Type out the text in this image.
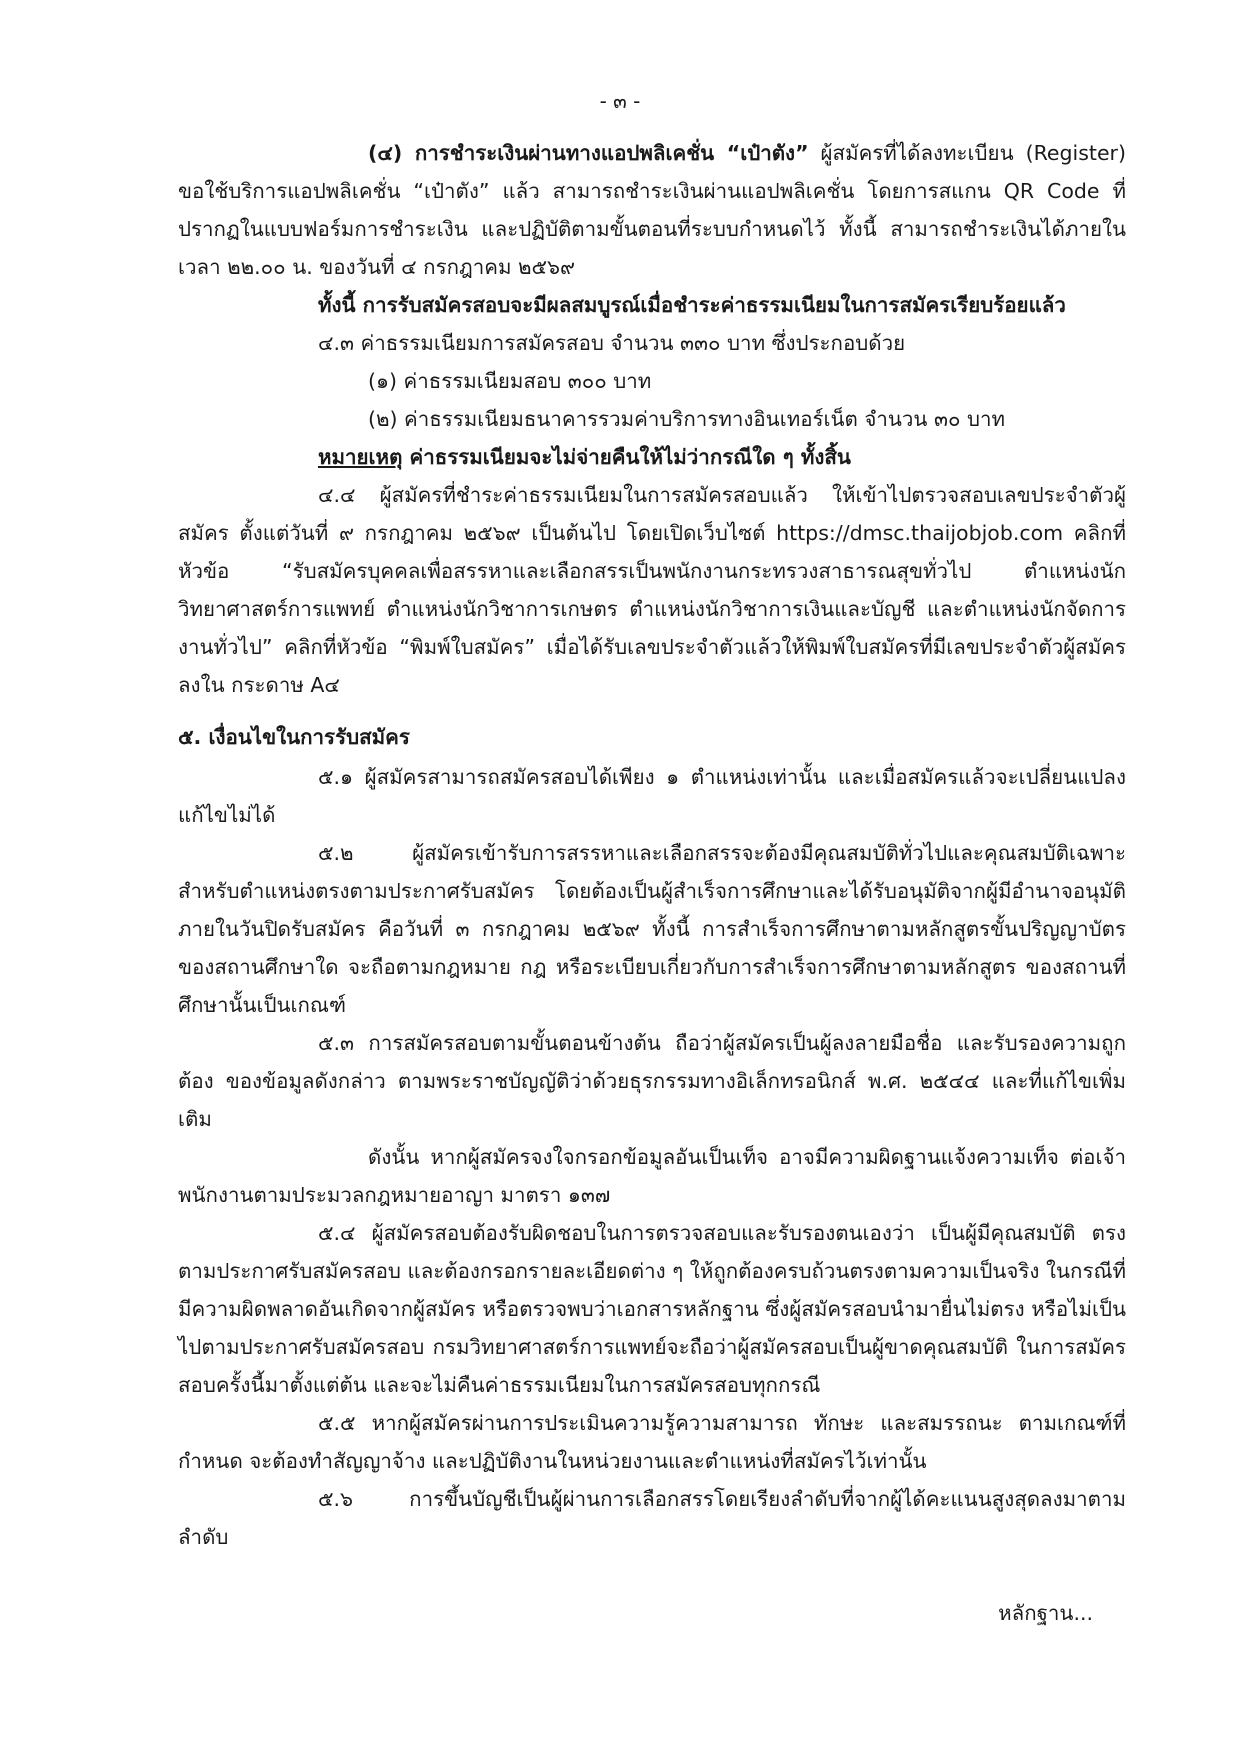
- ๓ -

(๔) การชำระเงินผ่านทางแอปพลิเคชั่น “เป๋าตัง” ผู้สมัครที่ได้ลงทะเบียน (Register) ขอใช้บริการแอปพลิเคชั่น “เป๋าตัง” แล้ว สามารถชำระเงินผ่านแอปพลิเคชั่น โดยการสแกน QR Code ที่ปรากฏในแบบฟอร์มการชำระเงิน และปฏิบัติตามขั้นตอนที่ระบบกำหนดไว้ ทั้งนี้ สามารถชำระเงินได้ภายใน เวลา ๒๒.๐๐ น. ของวันที่ ๔ กรกฎาคม ๒๕๖๙

ทั้งนี้ การรับสมัครสอบจะมีผลสมบูรณ์เมื่อชำระค่าธรรมเนียมในการสมัครเรียบร้อยแล้ว

๔.๓ ค่าธรรมเนียมการสมัครสอบ จำนวน ๓๓๐ บาท ซึ่งประกอบด้วย

(๑) ค่าธรรมเนียมสอบ ๓๐๐ บาท

(๒) ค่าธรรมเนียมธนาคารรวมค่าบริการทางอินเทอร์เน็ต จำนวน ๓๐ บาท

หมายเหตุ ค่าธรรมเนียมจะไม่จ่ายคืนให้ไม่ว่ากรณีใด ๆ ทั้งสิ้น

๔.๔ ผู้สมัครที่ชำระค่าธรรมเนียมในการสมัครสอบแล้ว ให้เข้าไปตรวจสอบเลขประจำตัวผู้สมัคร ตั้งแต่วันที่ ๙ กรกฎาคม ๒๕๖๙ เป็นต้นไป โดยเปิดเว็บไซต์ https://dmsc.thaijobjob.com คลิกที่หัวข้อ “รับสมัครบุคคลเพื่อสรรหาและเลือกสรรเป็นพนักงานกระทรวงสาธารณสุขทั่วไป ตำแหน่งนักวิทยาศาสตร์การแพทย์ ตำแหน่งนักวิชาการเกษตร ตำแหน่งนักวิชาการเงินและบัญชี และตำแหน่งนักจัดการงานทั่วไป” คลิกที่หัวข้อ “พิมพ์ใบสมัคร” เมื่อได้รับเลขประจำตัวแล้วให้พิมพ์ใบสมัครที่มีเลขประจำตัวผู้สมัครลงใน กระดาษ A๔

๕. เงื่อนไขในการรับสมัคร

๕.๑ ผู้สมัครสามารถสมัครสอบได้เพียง ๑ ตำแหน่งเท่านั้น และเมื่อสมัครแล้วจะเปลี่ยนแปลงแก้ไขไม่ได้

๕.๒ ผู้สมัครเข้ารับการสรรหาและเลือกสรรจะต้องมีคุณสมบัติทั่วไปและคุณสมบัติเฉพาะ สำหรับตำแหน่งตรงตามประกาศรับสมัคร โดยต้องเป็นผู้สำเร็จการศึกษาและได้รับอนุมัติจากผู้มีอำนาจอนุมัติ ภายในวันปิดรับสมัคร คือวันที่ ๓ กรกฎาคม ๒๕๖๙ ทั้งนี้ การสำเร็จการศึกษาตามหลักสูตรขั้นปริญญาบัตร ของสถานศึกษาใด จะถือตามกฎหมาย กฎ หรือระเบียบเกี่ยวกับการสำเร็จการศึกษาตามหลักสูตร ของสถานที่ ศึกษานั้นเป็นเกณฑ์

๕.๓ การสมัครสอบตามขั้นตอนข้างต้น ถือว่าผู้สมัครเป็นผู้ลงลายมือชื่อ และรับรองความถูกต้อง ของข้อมูลดังกล่าว ตามพระราชบัญญัติว่าด้วยธุรกรรมทางอิเล็กทรอนิกส์ พ.ศ. ๒๕๔๔ และที่แก้ไขเพิ่มเติม

ดังนั้น หากผู้สมัครจงใจกรอกข้อมูลอันเป็นเท็จ อาจมีความผิดฐานแจ้งความเท็จ ต่อเจ้าพนักงานตามประมวลกฎหมายอาญา มาตรา ๑๓๗

๕.๔ ผู้สมัครสอบต้องรับผิดชอบในการตรวจสอบและรับรองตนเองว่า เป็นผู้มีคุณสมบัติ ตรงตามประกาศรับสมัครสอบ และต้องกรอกรายละเอียดต่าง ๆ ให้ถูกต้องครบถ้วนตรงตามความเป็นจริง ในกรณีที่มีความผิดพลาดอันเกิดจากผู้สมัคร หรือตรวจพบว่าเอกสารหลักฐาน ซึ่งผู้สมัครสอบนำมายื่นไม่ตรง หรือไม่เป็นไปตามประกาศรับสมัครสอบ กรมวิทยาศาสตร์การแพทย์จะถือว่าผู้สมัครสอบเป็นผู้ขาดคุณสมบัติ ในการสมัครสอบครั้งนี้มาตั้งแต่ต้น และจะไม่คืนค่าธรรมเนียมในการสมัครสอบทุกกรณี

๕.๕ หากผู้สมัครผ่านการประเมินความรู้ความสามารถ ทักษะ และสมรรถนะ ตามเกณฑ์ที่กำหนด จะต้องทำสัญญาจ้าง และปฏิบัติงานในหน่วยงานและตำแหน่งที่สมัครไว้เท่านั้น

๕.๖ การขึ้นบัญชีเป็นผู้ผ่านการเลือกสรรโดยเรียงลำดับที่จากผู้ได้คะแนนสูงสุดลงมาตามลำดับ

หลักฐาน...
